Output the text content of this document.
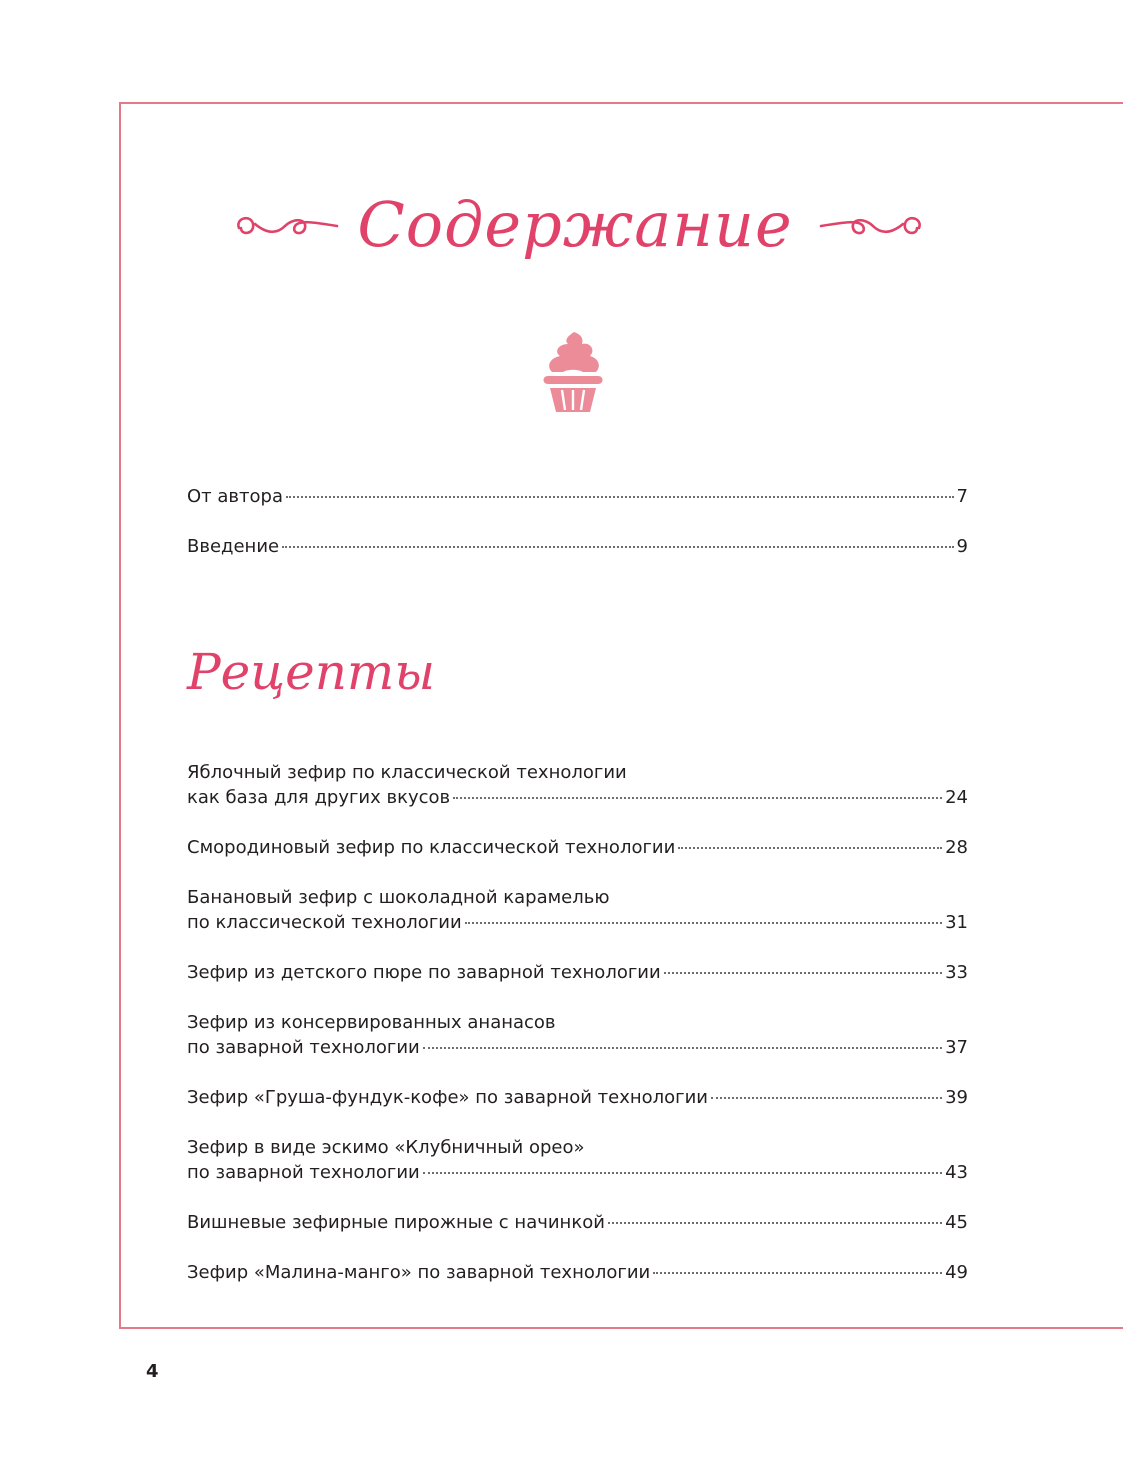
Содержание
От автора	7
Введение	9
Рецепты
Яблочный зефир по классической технологии
как база для других вкусов	24
Смородиновый зефир по классической технологии	28
Банановый зефир с шоколадной карамелью
по классической технологии	31
Зефир из детского пюре по заварной технологии	33
Зефир из консервированных ананасов
по заварной технологии	37
Зефир «Груша-фундук-кофе» по заварной технологии	39
Зефир в виде эскимо «Клубничный орео»
по заварной технологии	43
Вишневые зефирные пирожные с начинкой	45
Зефир «Малина-манго» по заварной технологии	49
4
